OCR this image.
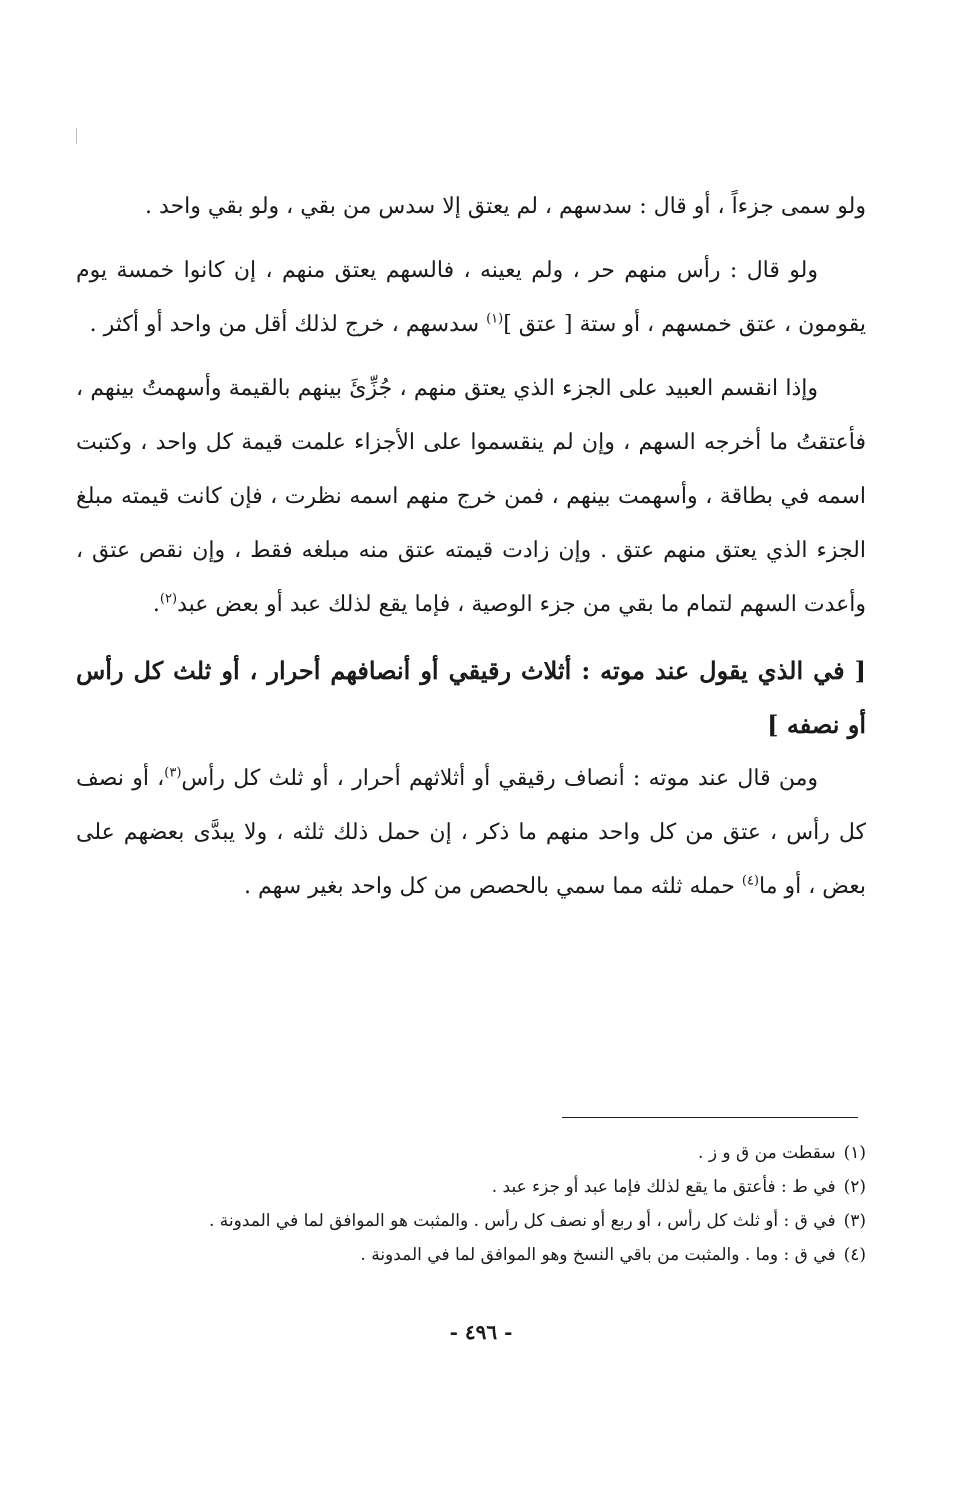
ولو سمى جزءاً ، أو قال : سدسهم ، لم يعتق إلا سدس من بقي ، ولو بقي واحد .

ولو قال : رأس منهم حر ، ولم يعينه ، فالسهم يعتق منهم ، إن كانوا خمسة يوم يقومون ، عتق خمسهم ، أو ستة [ عتق ]$^{(١)}$ سدسهم ، خرج لذلك أقل من واحد أو أكثر .

وإذا انقسم العبيد على الجزء الذي يعتق منهم ، جُزِّئَ بينهم بالقيمة وأسهمتُ بينهم ، فأعتقتُ ما أخرجه السهم ، وإن لم ينقسموا على الأجزاء علمت قيمة كل واحد ، وكتبت اسمه في بطاقة ، وأسهمت بينهم ، فمن خرج منهم اسمه نظرت ، فإن كانت قيمته مبلغ الجزء الذي يعتق منهم عتق . وإن زادت قيمته عتق منه مبلغه فقط ، وإن نقص عتق ، وأعدت السهم لتمام ما بقي من جزء الوصية ، فإما يقع لذلك عبد أو بعض عبد$^{(٢)}$.

[ في الذي يقول عند موته : أثلاث رقيقي أو أنصافهم أحرار ، أو ثلث كل رأس أو نصفه ]

ومن قال عند موته : أنصاف رقيقي أو أثلاثهم أحرار ، أو ثلث كل رأس$^{(٣)}$، أو نصف كل رأس ، عتق من كل واحد منهم ما ذكر ، إن حمل ذلك ثلثه ، ولا يبدَّى بعضهم على بعض ، أو ما$^{(٤)}$ حمله ثلثه مما سمي بالحصص من كل واحد بغير سهم .

(١)سقطت من ق و ز .
(٢)في ط : فأعتق ما يقع لذلك فإما عبد أو جزء عبد .
(٣)في ق : أو ثلث كل رأس ، أو ربع أو نصف كل رأس . والمثبت هو الموافق لما في المدونة .
(٤)في ق : وما . والمثبت من باقي النسخ وهو الموافق لما في المدونة .
- ٤٩٦ -
